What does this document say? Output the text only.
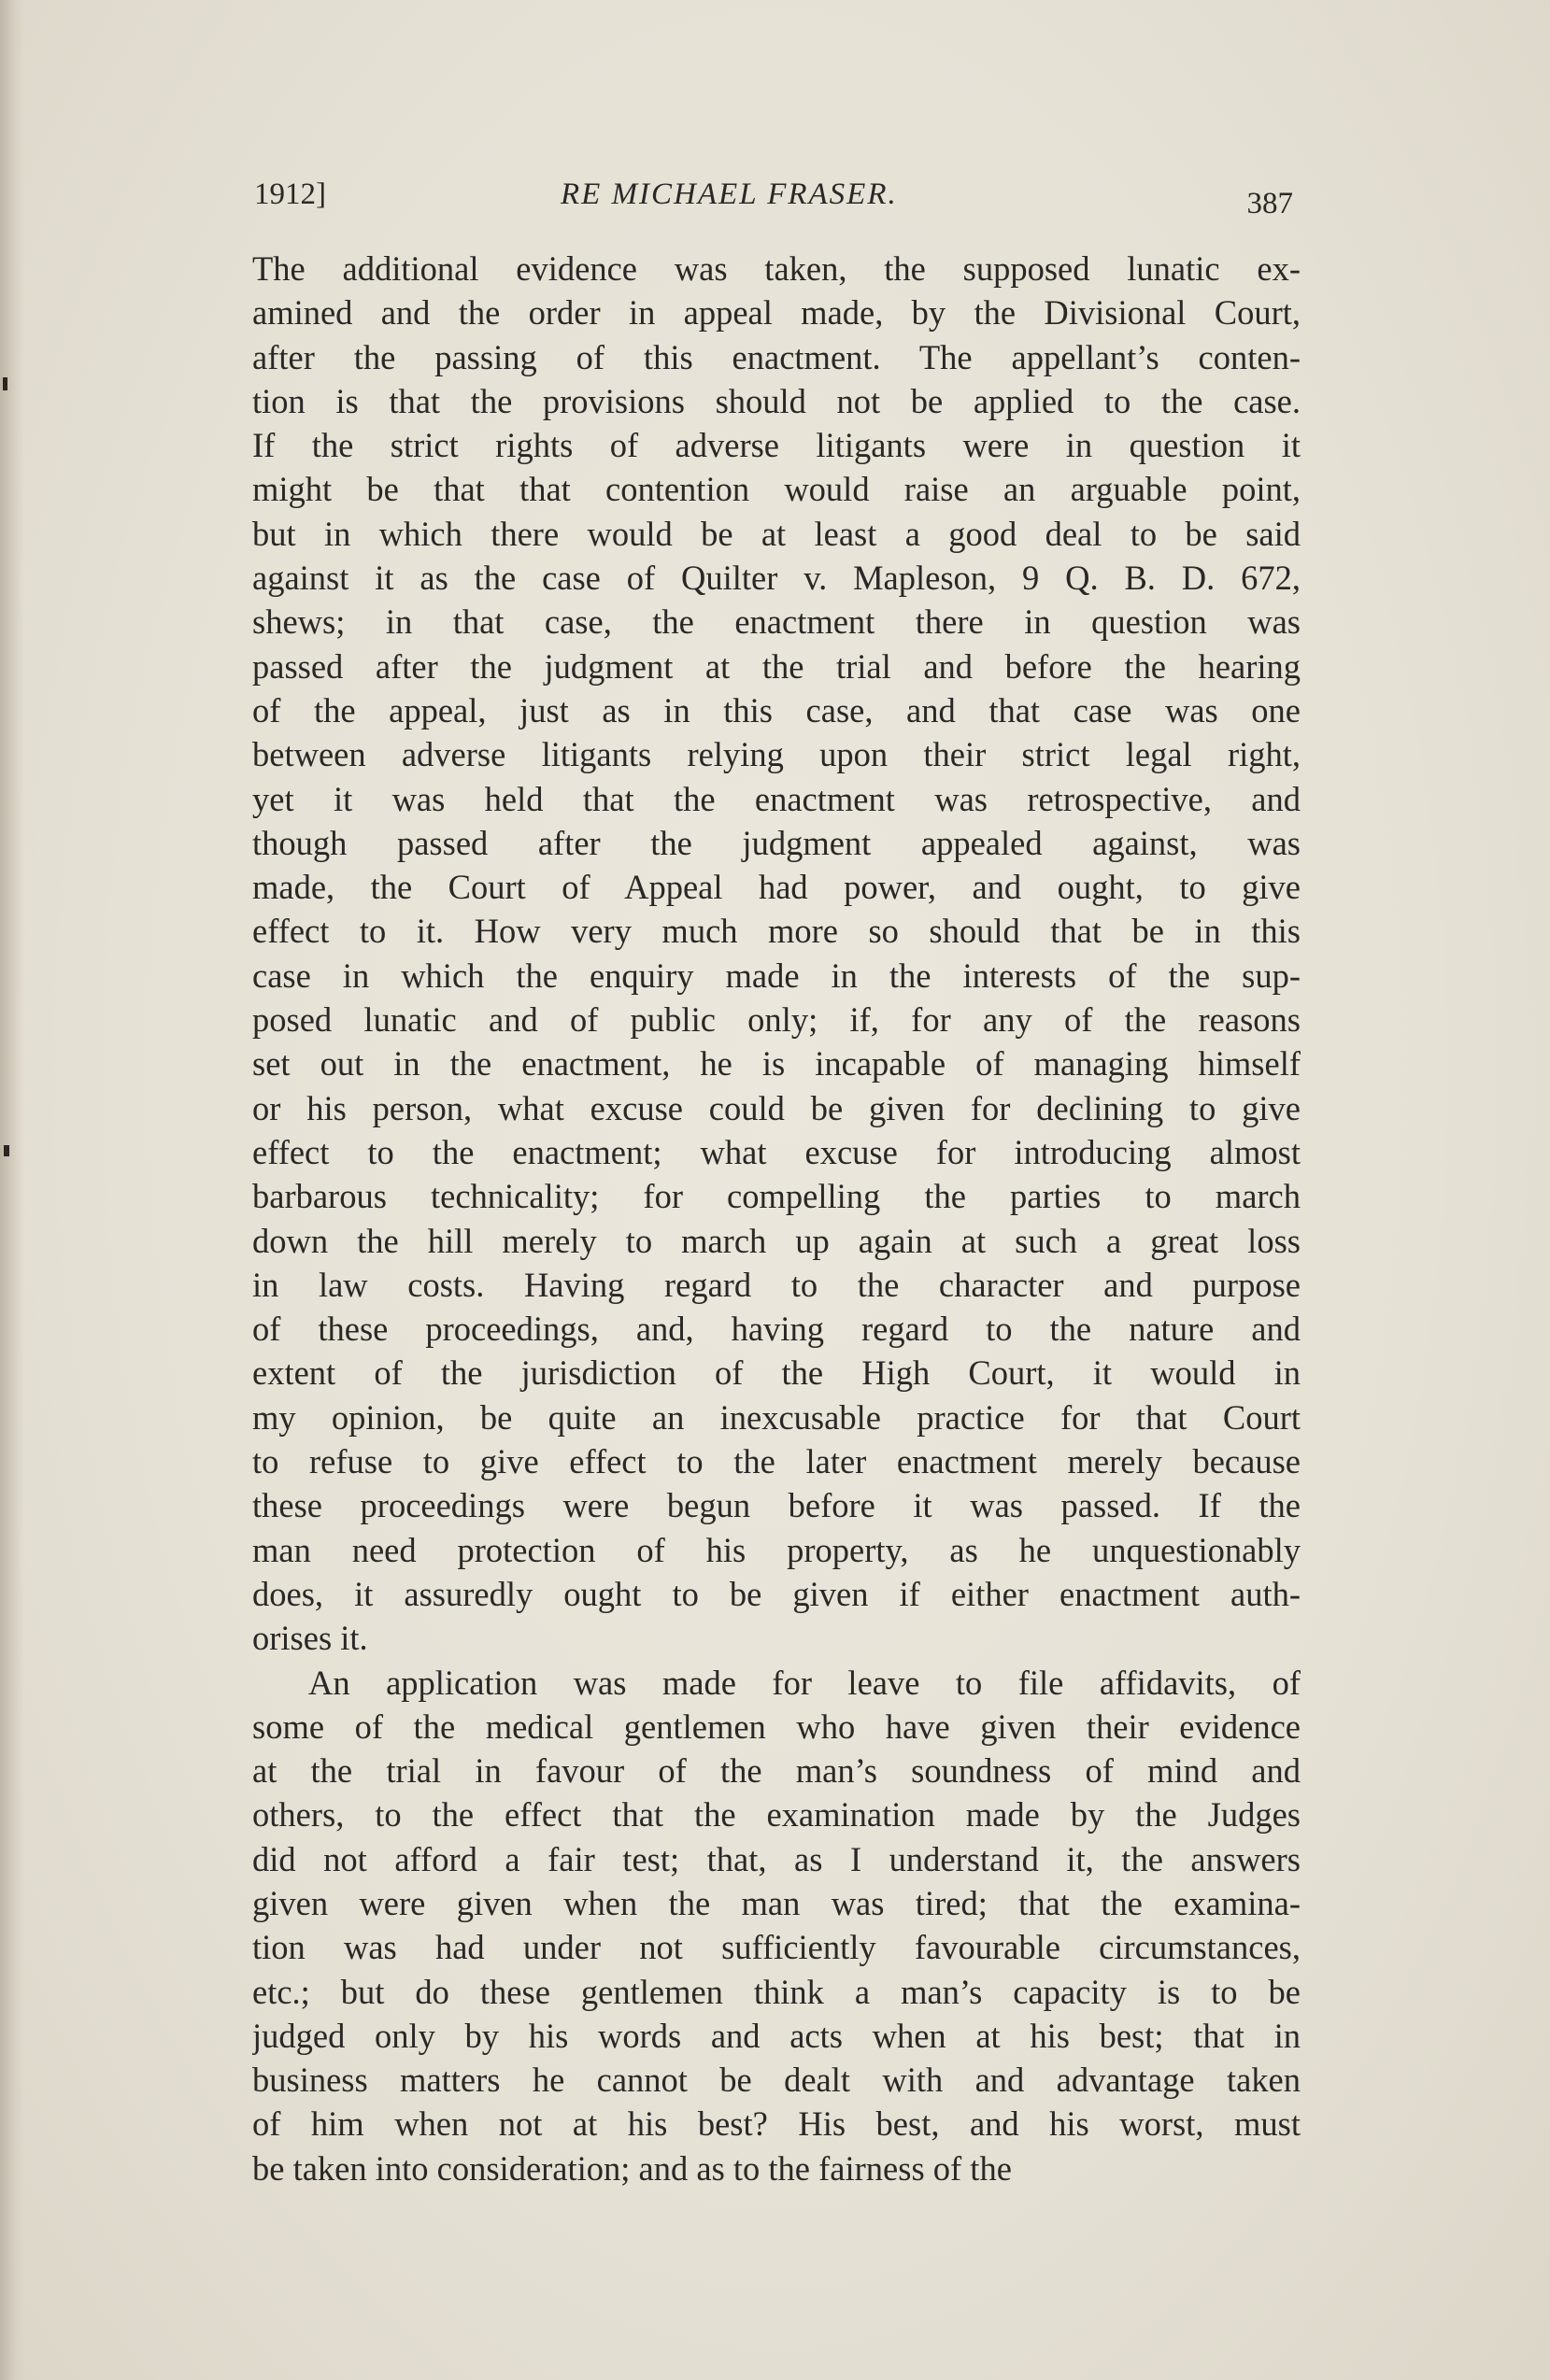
1912]	RE MICHAEL FRASER.	387
The additional evidence was taken, the supposed lunatic ex-
amined and the order in appeal made, by the Divisional Court,
after the passing of this enactment. The appellant’s conten-
tion is that the provisions should not be applied to the case.
If the strict rights of adverse litigants were in question it
might be that that contention would raise an arguable point,
but in which there would be at least a good deal to be said
against it as the case of Quilter v. Mapleson, 9 Q. B. D. 672,
shews; in that case, the enactment there in question was
passed after the judgment at the trial and before the hearing
of the appeal, just as in this case, and that case was one
between adverse litigants relying upon their strict legal right,
yet it was held that the enactment was retrospective, and
though passed after the judgment appealed against, was
made, the Court of Appeal had power, and ought, to give
effect to it. How very much more so should that be in this
case in which the enquiry made in the interests of the sup-
posed lunatic and of public only; if, for any of the reasons
set out in the enactment, he is incapable of managing himself
or his person, what excuse could be given for declining to give
effect to the enactment; what excuse for introducing almost
barbarous technicality; for compelling the parties to march
down the hill merely to march up again at such a great loss
in law costs. Having regard to the character and purpose
of these proceedings, and, having regard to the nature and
extent of the jurisdiction of the High Court, it would in
my opinion, be quite an inexcusable practice for that Court
to refuse to give effect to the later enactment merely because
these proceedings were begun before it was passed. If the
man need protection of his property, as he unquestionably
does, it assuredly ought to be given if either enactment auth-
orises it.
An application was made for leave to file affidavits, of
some of the medical gentlemen who have given their evidence
at the trial in favour of the man’s soundness of mind and
others, to the effect that the examination made by the Judges
did not afford a fair test; that, as I understand it, the answers
given were given when the man was tired; that the examina-
tion was had under not sufficiently favourable circumstances,
etc.; but do these gentlemen think a man’s capacity is to be
judged only by his words and acts when at his best; that in
business matters he cannot be dealt with and advantage taken
of him when not at his best? His best, and his worst, must
be taken into consideration; and as to the fairness of the
